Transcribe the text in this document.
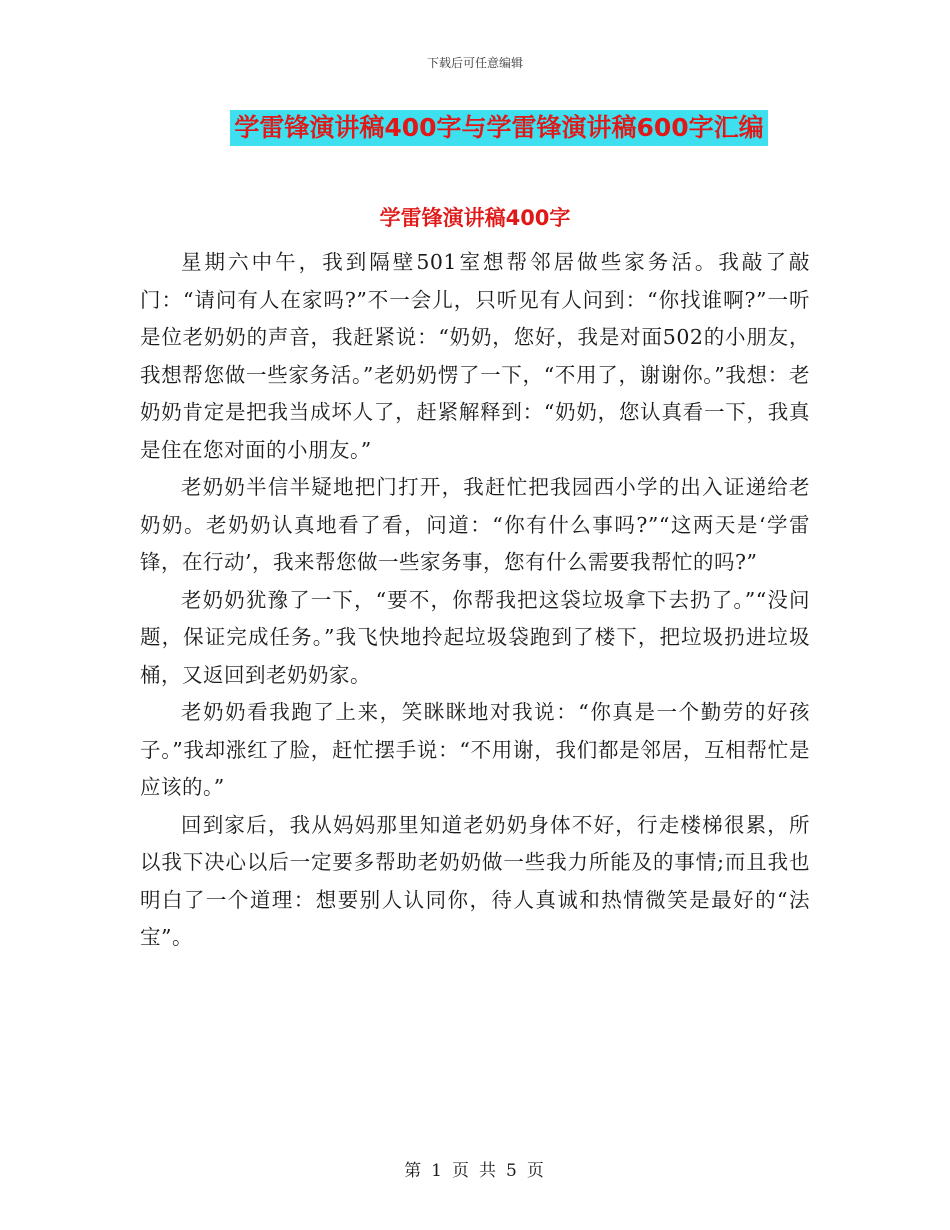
下载后可任意编辑
学雷锋演讲稿400字与学雷锋演讲稿600字汇编
学雷锋演讲稿400字

星期六中午，我到隔壁501室想帮邻居做些家务活。我敲了敲门：“请问有人在家吗?”不一会儿，只听见有人问到：“你找谁啊?”一听是位老奶奶的声音，我赶紧说：“奶奶，您好，我是对面502的小朋友，我想帮您做一些家务活。”老奶奶愣了一下，“不用了，谢谢你。”我想：老奶奶肯定是把我当成坏人了，赶紧解释到：“奶奶，您认真看一下，我真是住在您对面的小朋友。”

老奶奶半信半疑地把门打开，我赶忙把我园西小学的出入证递给老奶奶。老奶奶认真地看了看，问道：“你有什么事吗?”“这两天是‘学雷锋，在行动’，我来帮您做一些家务事，您有什么需要我帮忙的吗?”

老奶奶犹豫了一下，“要不，你帮我把这袋垃圾拿下去扔了。”“没问题，保证完成任务。”我飞快地拎起垃圾袋跑到了楼下，把垃圾扔进垃圾桶，又返回到老奶奶家。

老奶奶看我跑了上来，笑眯眯地对我说：“你真是一个勤劳的好孩子。”我却涨红了脸，赶忙摆手说：“不用谢，我们都是邻居，互相帮忙是应该的。”

回到家后，我从妈妈那里知道老奶奶身体不好，行走楼梯很累，所以我下决心以后一定要多帮助老奶奶做一些我力所能及的事情;而且我也明白了一个道理：想要别人认同你，待人真诚和热情微笑是最好的“法宝”。

第 1 页 共 5 页
